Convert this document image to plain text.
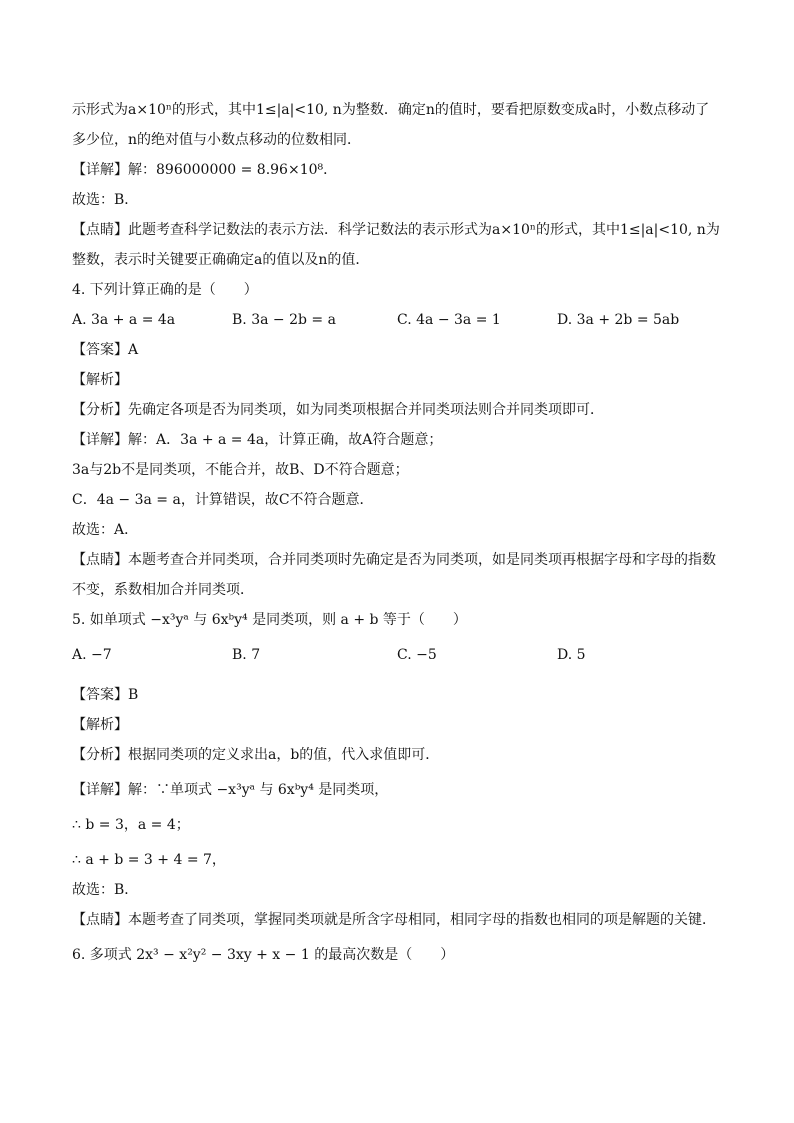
示形式为a×10ⁿ的形式，其中1≤|a|<10, n为整数．确定n的值时，要看把原数变成a时，小数点移动了
多少位，n的绝对值与小数点移动的位数相同．
【详解】解：896000000 = 8.96×10⁸．
故选：B．
【点睛】此题考查科学记数法的表示方法．科学记数法的表示形式为a×10ⁿ的形式，其中1≤|a|<10, n为
整数，表示时关键要正确确定a的值以及n的值．
4. 下列计算正确的是（　　）
A. 3a + a = 4a	B. 3a − 2b = a	C. 4a − 3a = 1	D. 3a + 2b = 5ab
【答案】A
【解析】
【分析】先确定各项是否为同类项，如为同类项根据合并同类项法则合并同类项即可．
【详解】解：A．3a + a = 4a，计算正确，故A符合题意；
3a与2b不是同类项，不能合并，故B、D不符合题意；
C．4a − 3a = a，计算错误，故C不符合题意．
故选：A．
【点睛】本题考查合并同类项，合并同类项时先确定是否为同类项，如是同类项再根据字母和字母的指数
不变，系数相加合并同类项．
5. 如单项式 −x³yᵃ 与 6xᵇy⁴ 是同类项，则 a + b 等于（　　）
A. −7	B. 7	C. −5	D. 5
【答案】B
【解析】
【分析】根据同类项的定义求出a，b的值，代入求值即可．
【详解】解：∵单项式 −x³yᵃ 与 6xᵇy⁴ 是同类项，
∴ b = 3，a = 4；
∴ a + b = 3 + 4 = 7，
故选：B．
【点睛】本题考查了同类项，掌握同类项就是所含字母相同，相同字母的指数也相同的项是解题的关键．
6. 多项式 2x³ − x²y² − 3xy + x − 1 的最高次数是（　　）
